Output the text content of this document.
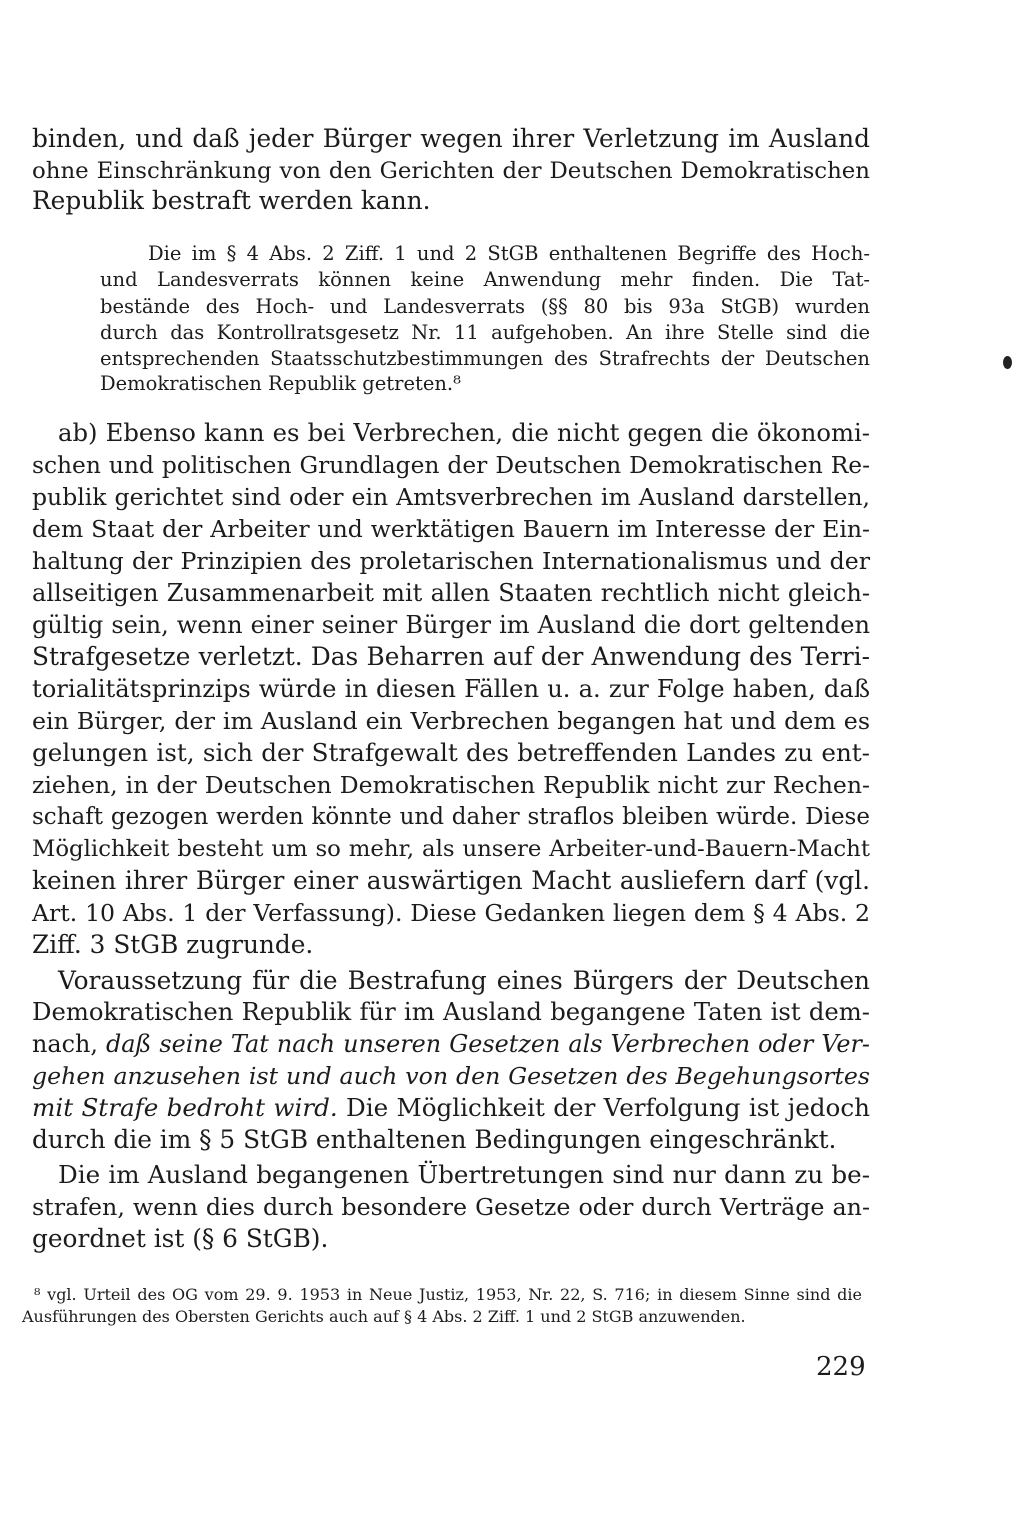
binden, und daß jeder Bürger wegen ihrer Verletzung im Ausland
ohne Einschränkung von den Gerichten der Deutschen Demokratischen
Republik bestraft werden kann.
Die im § 4 Abs. 2 Ziff. 1 und 2 StGB enthaltenen Begriffe des Hoch-
und Landesverrats können keine Anwendung mehr finden. Die Tat-
bestände des Hoch- und Landesverrats (§§ 80 bis 93a StGB) wurden
durch das Kontrollratsgesetz Nr. 11 aufgehoben. An ihre Stelle sind die
entsprechenden Staatsschutzbestimmungen des Strafrechts der Deutschen
Demokratischen Republik getreten.⁸
ab) Ebenso kann es bei Verbrechen, die nicht gegen die ökonomi-
schen und politischen Grundlagen der Deutschen Demokratischen Re-
publik gerichtet sind oder ein Amtsverbrechen im Ausland darstellen,
dem Staat der Arbeiter und werktätigen Bauern im Interesse der Ein-
haltung der Prinzipien des proletarischen Internationalismus und der
allseitigen Zusammenarbeit mit allen Staaten rechtlich nicht gleich-
gültig sein, wenn einer seiner Bürger im Ausland die dort geltenden
Strafgesetze verletzt. Das Beharren auf der Anwendung des Terri-
torialitätsprinzips würde in diesen Fällen u. a. zur Folge haben, daß
ein Bürger, der im Ausland ein Verbrechen begangen hat und dem es
gelungen ist, sich der Strafgewalt des betreffenden Landes zu ent-
ziehen, in der Deutschen Demokratischen Republik nicht zur Rechen-
schaft gezogen werden könnte und daher straflos bleiben würde. Diese
Möglichkeit besteht um so mehr, als unsere Arbeiter-und-Bauern-Macht
keinen ihrer Bürger einer auswärtigen Macht ausliefern darf (vgl.
Art. 10 Abs. 1 der Verfassung). Diese Gedanken liegen dem § 4 Abs. 2
Ziff. 3 StGB zugrunde.
Voraussetzung für die Bestrafung eines Bürgers der Deutschen
Demokratischen Republik für im Ausland begangene Taten ist dem-
nach, daß seine Tat nach unseren Gesetzen als Verbrechen oder Ver-
gehen anzusehen ist und auch von den Gesetzen des Begehungsortes
mit Strafe bedroht wird. Die Möglichkeit der Verfolgung ist jedoch
durch die im § 5 StGB enthaltenen Bedingungen eingeschränkt.
Die im Ausland begangenen Übertretungen sind nur dann zu be-
strafen, wenn dies durch besondere Gesetze oder durch Verträge an-
geordnet ist (§ 6 StGB).
⁸ vgl. Urteil des OG vom 29. 9. 1953 in Neue Justiz, 1953, Nr. 22, S. 716; in diesem Sinne sind die
Ausführungen des Obersten Gerichts auch auf § 4 Abs. 2 Ziff. 1 und 2 StGB anzuwenden.
229
